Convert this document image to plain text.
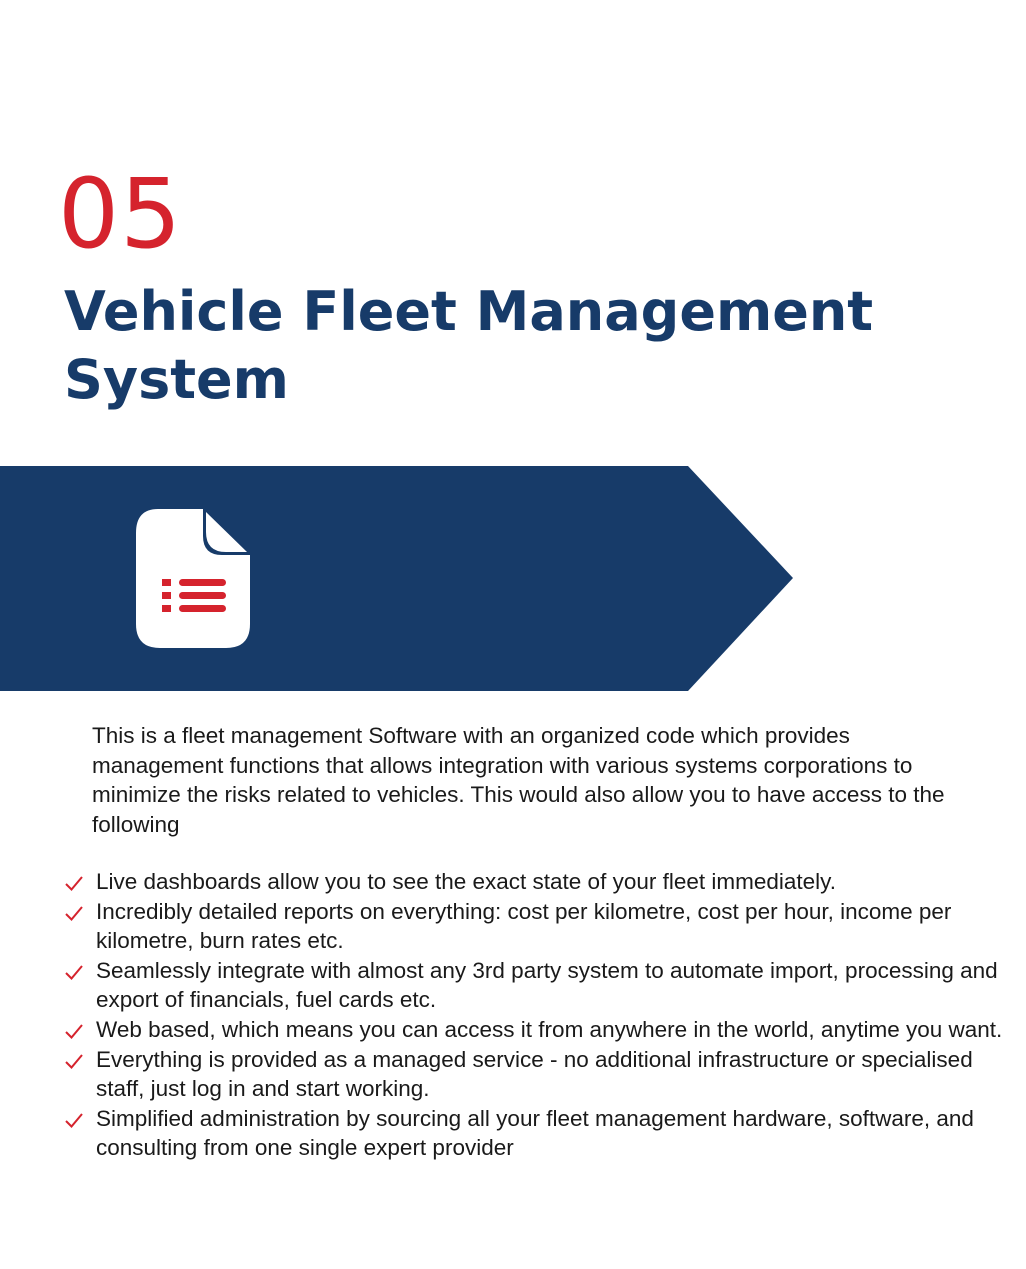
05
Vehicle Fleet Management System

This is a fleet management Software with an organized code which provides management functions that allows integration with various systems corporations to minimize the risks related to vehicles. This would also allow you to have access to the following

Live dashboards allow you to see the exact state of your fleet immediately.
Incredibly detailed reports on everything: cost per kilometre, cost per hour, income per kilometre, burn rates etc.
Seamlessly integrate with almost any 3rd party system to automate import, processing and export of financials, fuel cards etc.
Web based, which means you can access it from anywhere in the world, anytime you want.
Everything is provided as a managed service - no additional infrastructure or specialised staff, just log in and start working.
Simplified administration by sourcing all your fleet management hardware, software, and consulting from one single expert provider
